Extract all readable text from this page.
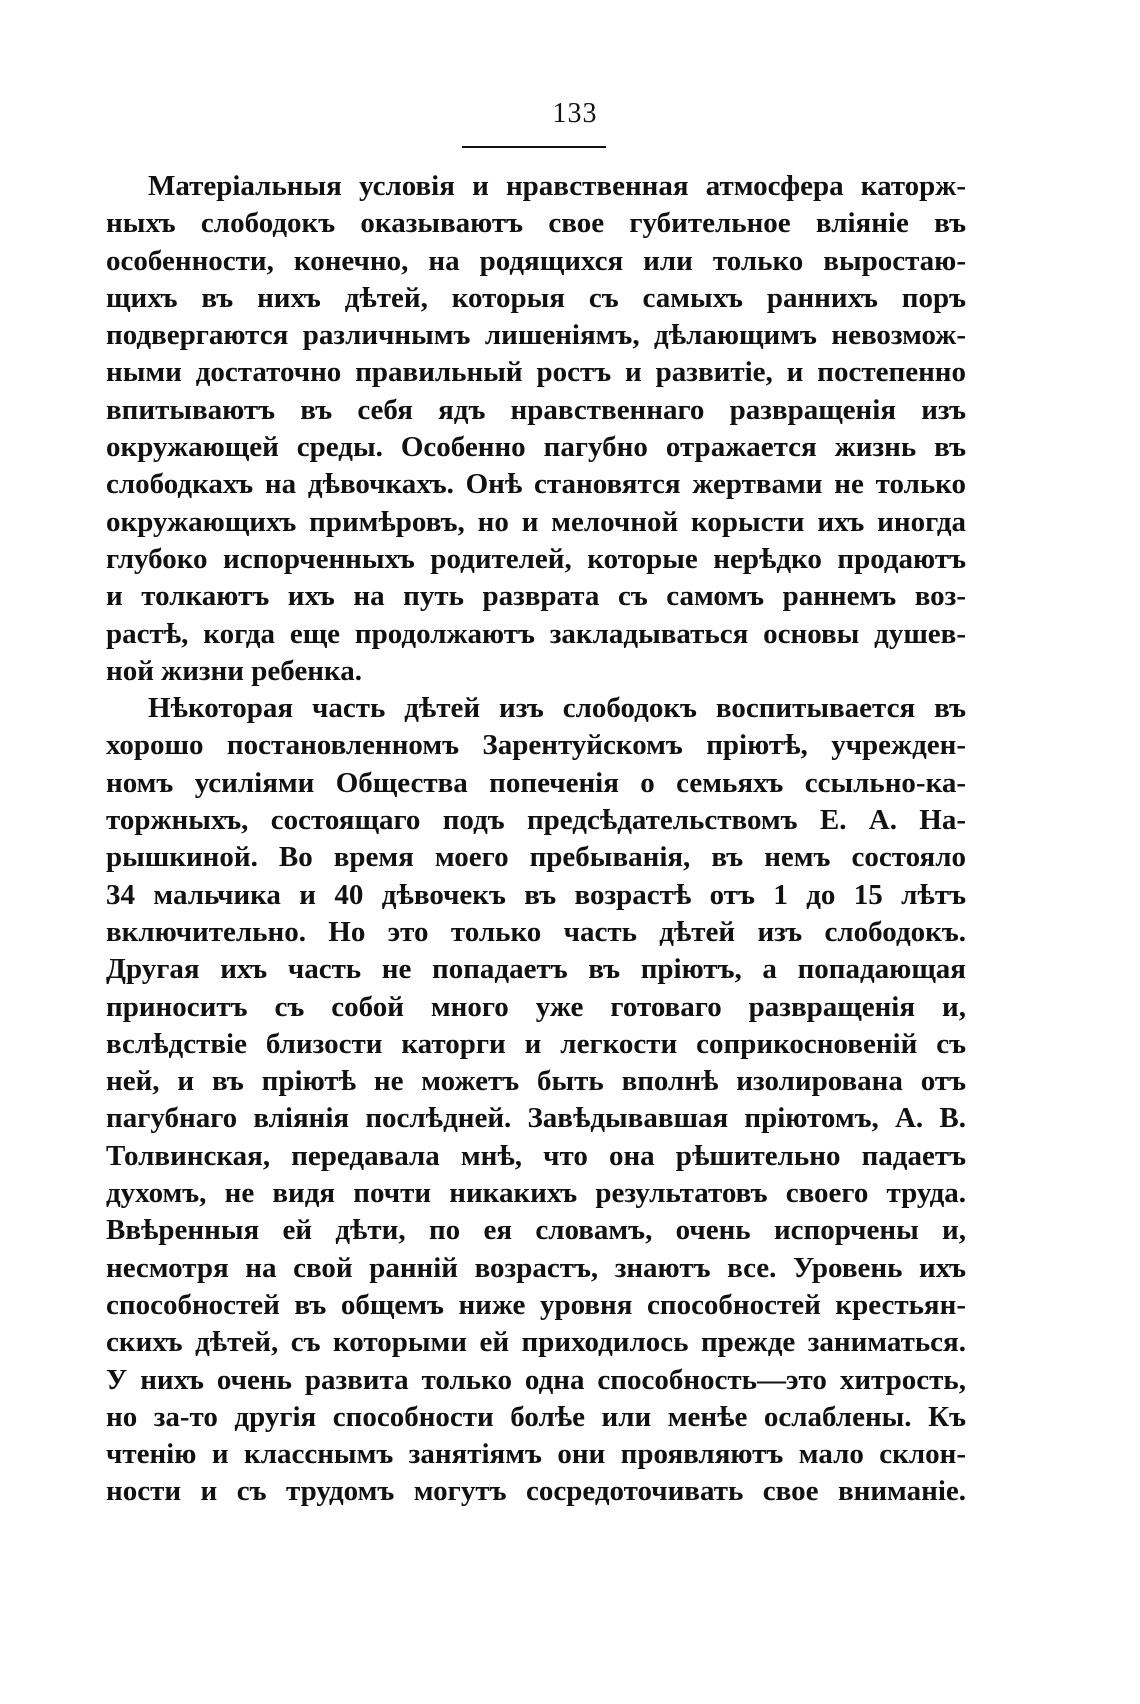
133
Матеріальныя условія и нравственная атмосфера каторж-
ныхъ слободокъ оказываютъ свое губительное вліяніе въ
особенности, конечно, на родящихся или только выростаю-
щихъ въ нихъ дѣтей, которыя съ самыхъ раннихъ поръ
подвергаются различнымъ лишеніямъ, дѣлающимъ невозмож-
ными достаточно правильный ростъ и развитіе, и постепенно
впитываютъ въ себя ядъ нравственнаго развращенія изъ
окружающей среды. Особенно пагубно отражается жизнь въ
слободкахъ на дѣвочкахъ. Онѣ становятся жертвами не только
окружающихъ примѣровъ, но и мелочной корысти ихъ иногда
глубоко испорченныхъ родителей, которые нерѣдко продаютъ
и толкаютъ ихъ на путь разврата съ самомъ раннемъ воз-
растѣ, когда еще продолжаютъ закладываться основы душев-
ной жизни ребенка.
Нѣкоторая часть дѣтей изъ слободокъ воспитывается въ
хорошо постановленномъ Зарентуйскомъ пріютѣ, учрежден-
номъ усиліями Общества попеченія о семьяхъ ссыльно-ка-
торжныхъ, состоящаго подъ предсѣдательствомъ Е. А. На-
рышкиной. Во время моего пребыванія, въ немъ состояло
34 мальчика и 40 дѣвочекъ въ возрастѣ отъ 1 до 15 лѣтъ
включительно. Но это только часть дѣтей изъ слободокъ.
Другая ихъ часть не попадаетъ въ пріютъ, а попадающая
приноситъ съ собой много уже готоваго развращенія и,
вслѣдствіе близости каторги и легкости соприкосновеній съ
ней, и въ пріютѣ не можетъ быть вполнѣ изолирована отъ
пагубнаго вліянія послѣдней. Завѣдывавшая пріютомъ, А. В.
Толвинская, передавала мнѣ, что она рѣшительно падаетъ
духомъ, не видя почти никакихъ результатовъ своего труда.
Ввѣренныя ей дѣти, по ея словамъ, очень испорчены и,
несмотря на свой ранній возрастъ, знаютъ все. Уровень ихъ
способностей въ общемъ ниже уровня способностей крестьян-
скихъ дѣтей, съ которыми ей приходилось прежде заниматься.
У нихъ очень развита только одна способность—это хитрость,
но за-то другія способности болѣе или менѣе ослаблены. Къ
чтенію и класснымъ занятіямъ они проявляютъ мало склон-
ности и съ трудомъ могутъ сосредоточивать свое вниманіе.
